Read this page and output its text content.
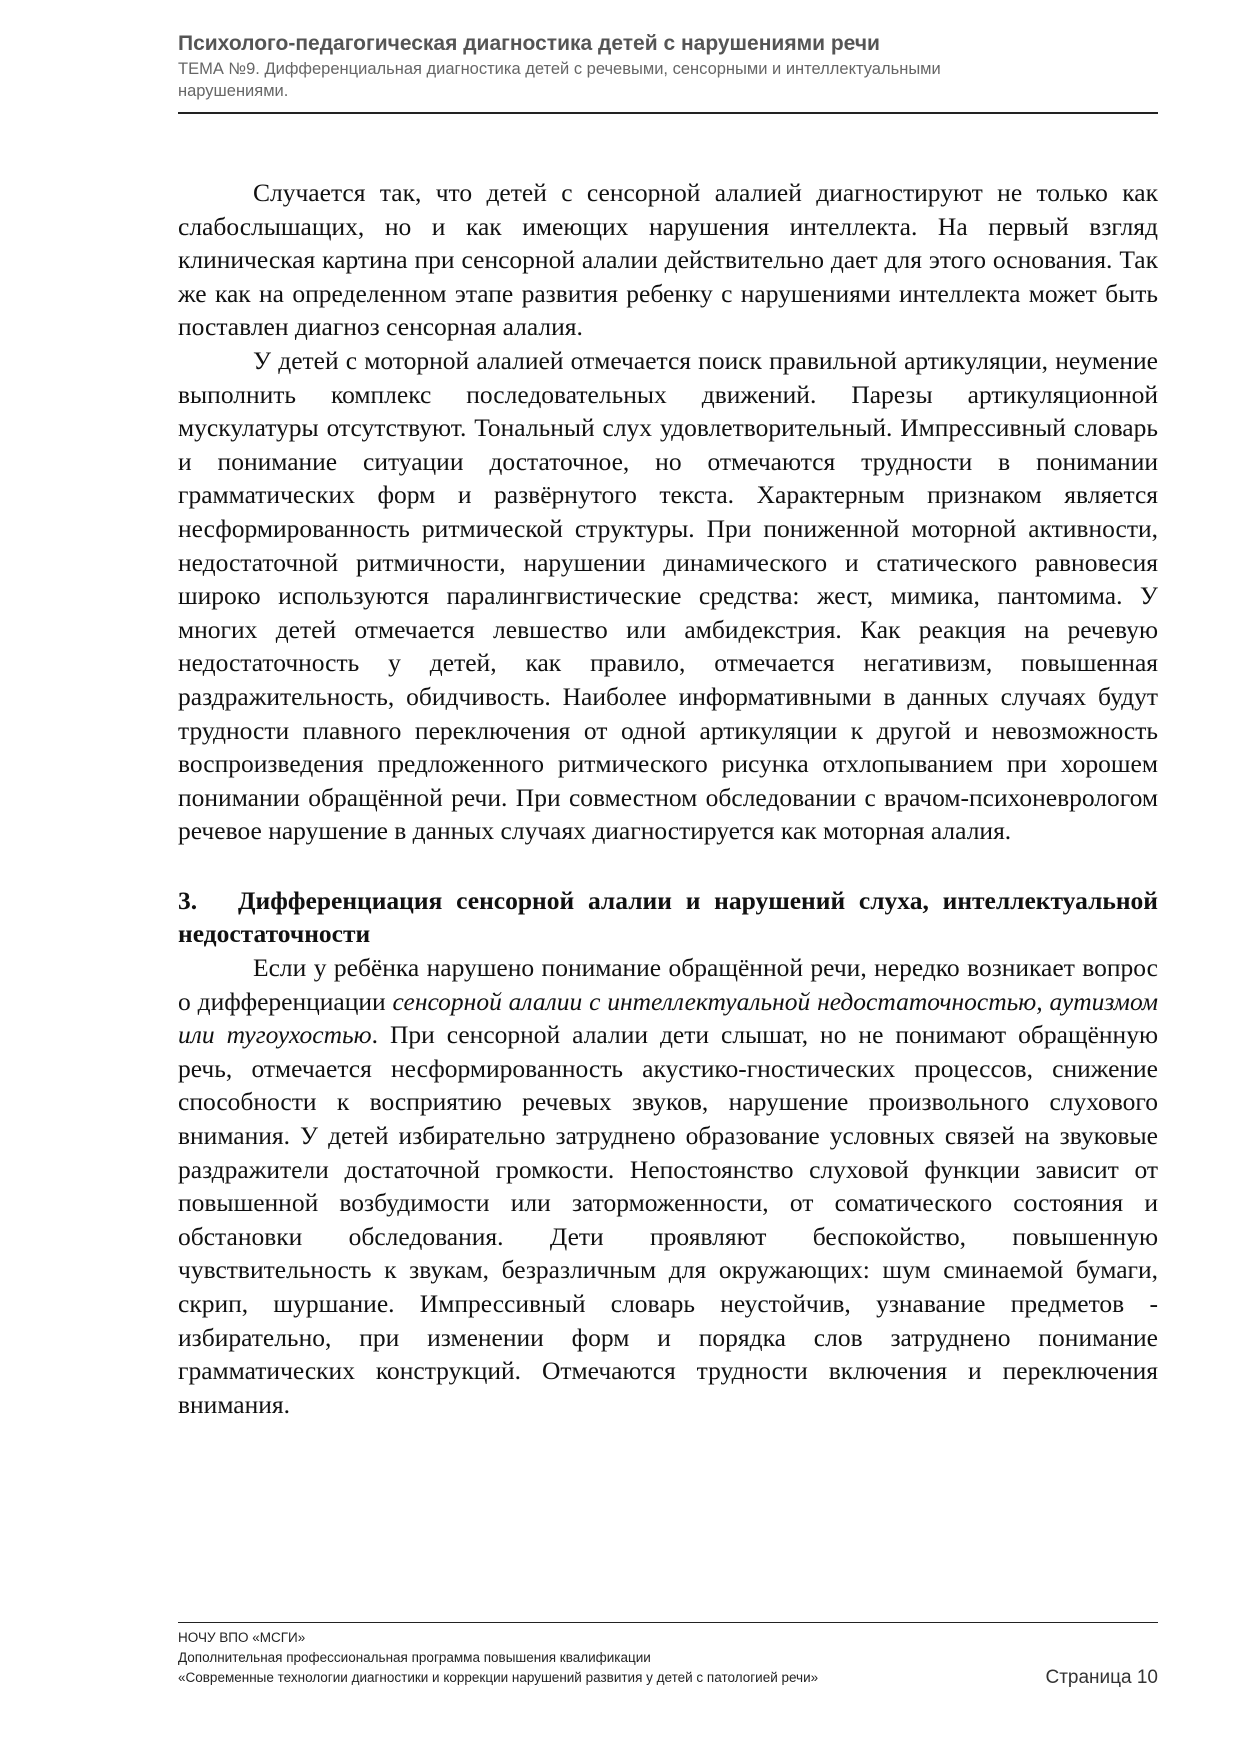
Психолого-педагогическая диагностика детей с нарушениями речи
ТЕМА №9. Дифференциальная диагностика детей с речевыми, сенсорными и интеллектуальными
нарушениями.

Случается так, что детей с сенсорной алалией диагностируют не только как слабослышащих, но и как имеющих нарушения интеллекта. На первый взгляд клиническая картина при сенсорной алалии действительно дает для этого основания. Так же как на определенном этапе развития ребенку с нарушениями интеллекта может быть поставлен диагноз сенсорная алалия.

У детей с моторной алалией отмечается поиск правильной артикуляции, неумение выполнить комплекс последовательных движений. Парезы артикуляционной мускулатуры отсутствуют. Тональный слух удовлетворительный. Импрессивный словарь и понимание ситуации достаточное, но отмечаются трудности в понимании грамматических форм и развёрнутого текста. Характерным признаком является несформированность ритмической структуры. При пониженной моторной активности, недостаточной ритмичности, нарушении динамического и статического равновесия широко используются паралингвистические средства: жест, мимика, пантомима. У многих детей отмечается левшество или амбидекстрия. Как реакция на речевую недостаточность у детей, как правило, отмечается негативизм, повышенная раздражительность, обидчивость. Наиболее информативными в данных случаях будут трудности плавного переключения от одной артикуляции к другой и невозможность воспроизведения предложенного ритмического рисунка отхлопыванием при хорошем понимании обращённой речи. При совместном обследовании с врачом-психоневрологом речевое нарушение в данных случаях диагностируется как моторная алалия.

3. Дифференциация сенсорной алалии и нарушений слуха, интеллектуальной недостаточности

Если у ребёнка нарушено понимание обращённой речи, нередко возникает вопрос о дифференциации сенсорной алалии с интеллектуальной недостаточностью, аутизмом или тугоухостью. При сенсорной алалии дети слышат, но не понимают обращённую речь, отмечается несформированность акустико-гностических процессов, снижение способности к восприятию речевых звуков, нарушение произвольного слухового внимания. У детей избирательно затруднено образование условных связей на звуковые раздражители достаточной громкости. Непостоянство слуховой функции зависит от повышенной возбудимости или заторможенности, от соматического состояния и обстановки обследования. Дети проявляют беспокойство, повышенную чувствительность к звукам, безразличным для окружающих: шум сминаемой бумаги, скрип, шуршание. Импрессивный словарь неустойчив, узнавание предметов - избирательно, при изменении форм и порядка слов затруднено понимание грамматических конструкций. Отмечаются трудности включения и переключения внимания.

НОЧУ ВПО «МСГИ»
Дополнительная профессиональная программа повышения квалификации
«Современные технологии диагностики и коррекции нарушений развития у детей с патологией речи»	Страница 10
